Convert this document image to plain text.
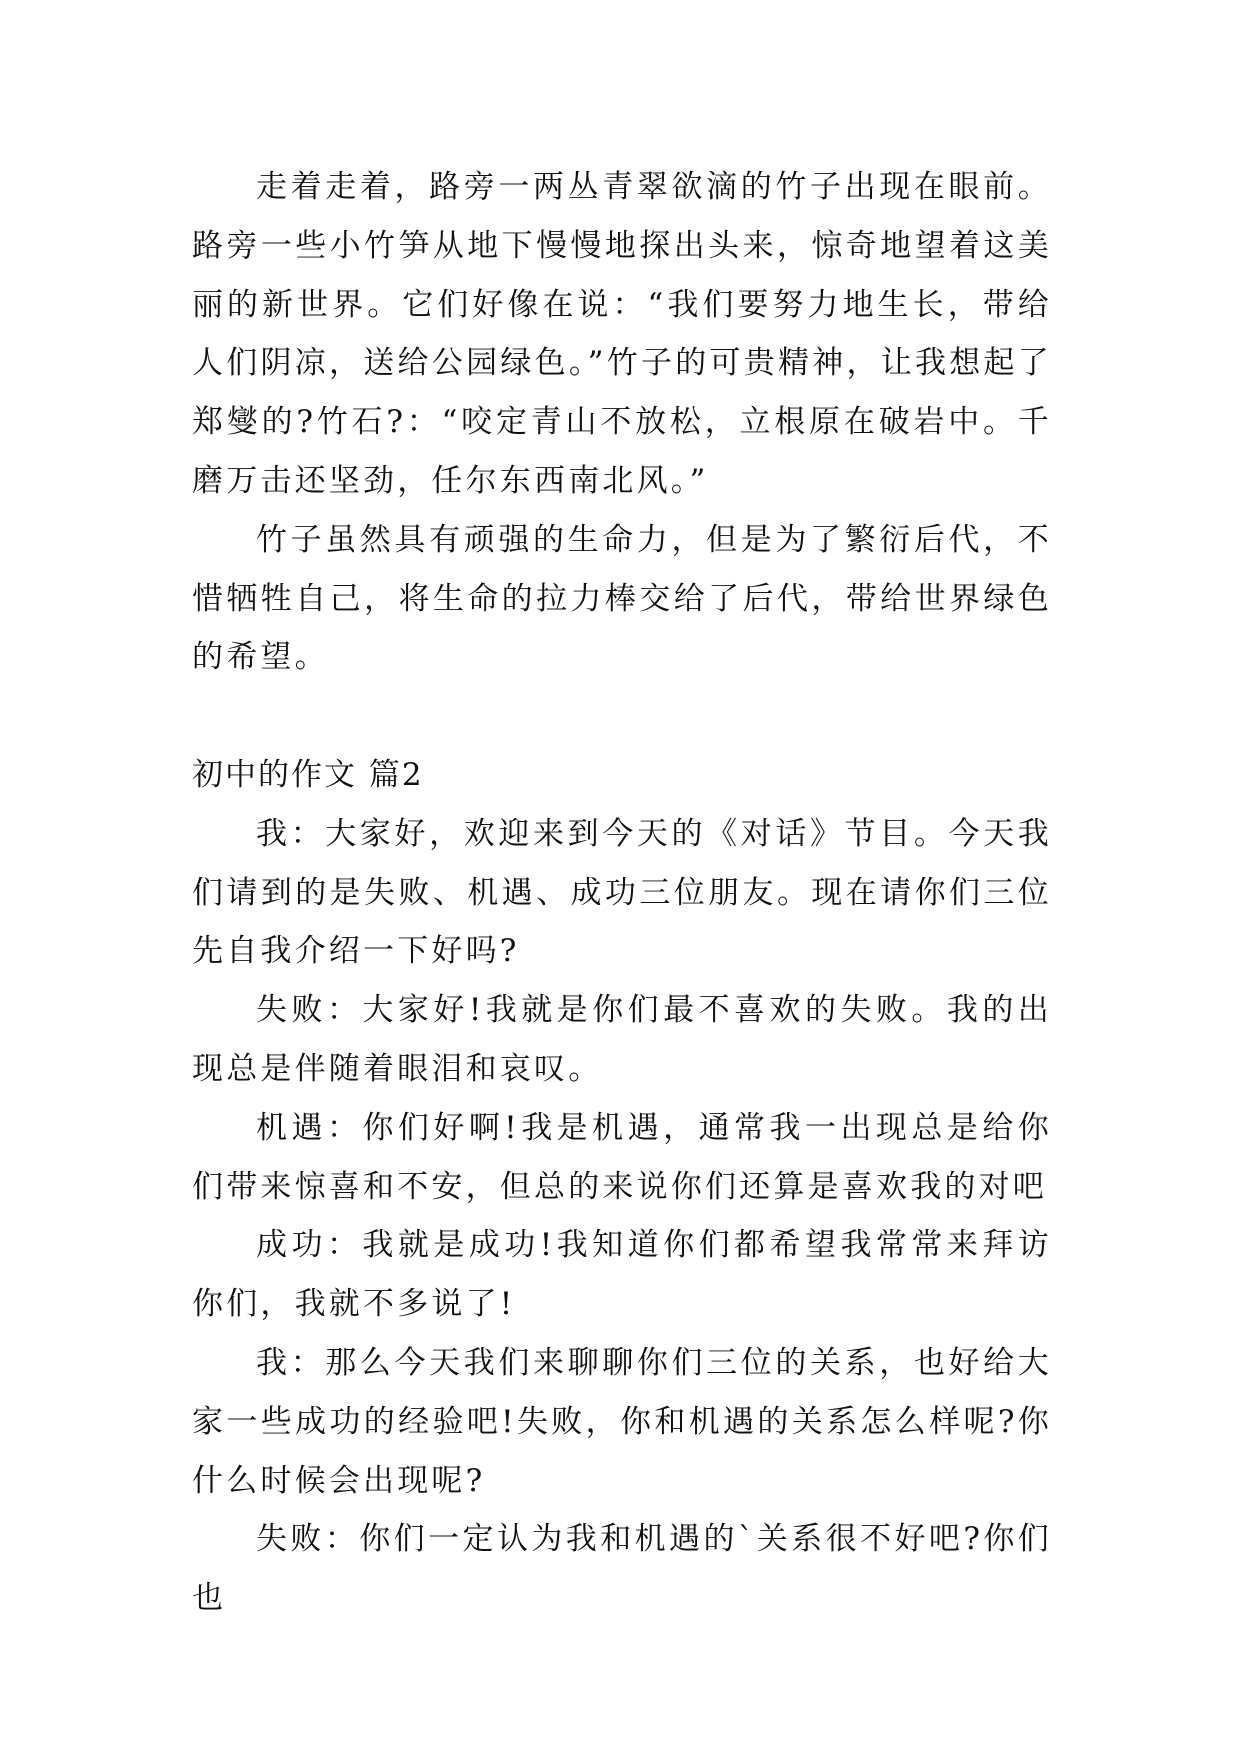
走着走着，路旁一两丛青翠欲滴的竹子出现在眼前。路旁一些小竹笋从地下慢慢地探出头来，惊奇地望着这美丽的新世界。它们好像在说：“我们要努力地生长，带给人们阴凉，送给公园绿色。”竹子的可贵精神，让我想起了郑燮的?竹石?：“咬定青山不放松，立根原在破岩中。千磨万击还坚劲，任尔东西南北风。”

竹子虽然具有顽强的生命力，但是为了繁衍后代，不惜牺牲自己，将生命的拉力棒交给了后代，带给世界绿色的希望。

初中的作文 篇2

我：大家好，欢迎来到今天的《对话》节目。今天我们请到的是失败、机遇、成功三位朋友。现在请你们三位先自我介绍一下好吗?

失败：大家好!我就是你们最不喜欢的失败。我的出现总是伴随着眼泪和哀叹。

机遇：你们好啊!我是机遇，通常我一出现总是给你们带来惊喜和不安，但总的来说你们还算是喜欢我的对吧

成功：我就是成功!我知道你们都希望我常常来拜访你们，我就不多说了!

我：那么今天我们来聊聊你们三位的关系，也好给大家一些成功的经验吧!失败，你和机遇的关系怎么样呢?你什么时候会出现呢?

失败：你们一定认为我和机遇的`关系很不好吧?你们也
